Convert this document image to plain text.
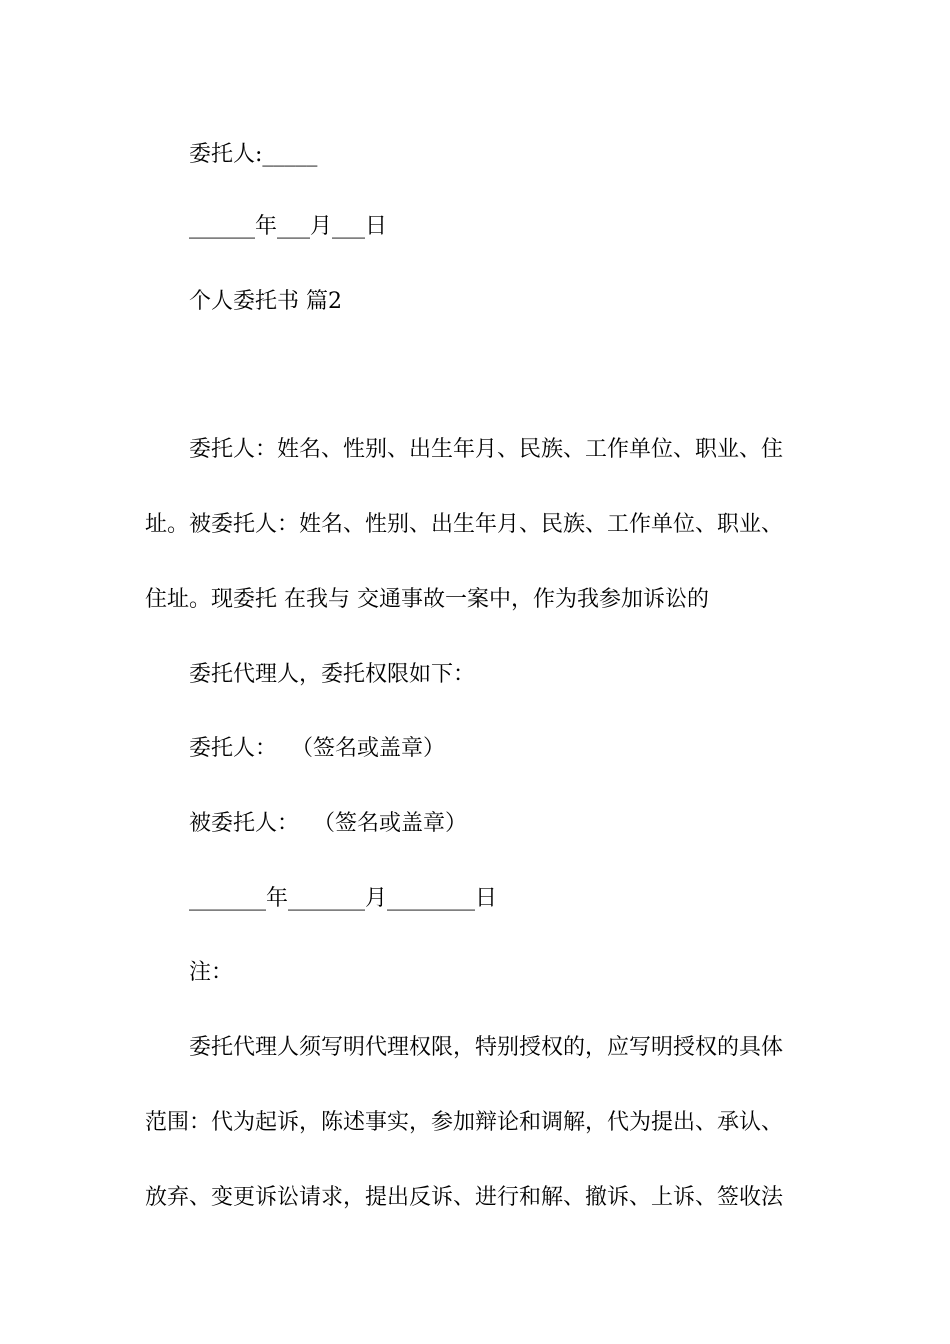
委托人:_____
______年___月___日
个人委托书 篇2
委托人：姓名、性别、出生年月、民族、工作单位、职业、住
址。被委托人：姓名、性别、出生年月、民族、工作单位、职业、
住址。现委托 在我与 交通事故一案中，作为我参加诉讼的
委托代理人，委托权限如下：
委托人：  （签名或盖章）
被委托人：  （签名或盖章）
_______年_______月________日
注：
委托代理人须写明代理权限，特别授权的，应写明授权的具体
范围：代为起诉，陈述事实，参加辩论和调解，代为提出、承认、
放弃、变更诉讼请求，提出反诉、进行和解、撤诉、上诉、签收法
